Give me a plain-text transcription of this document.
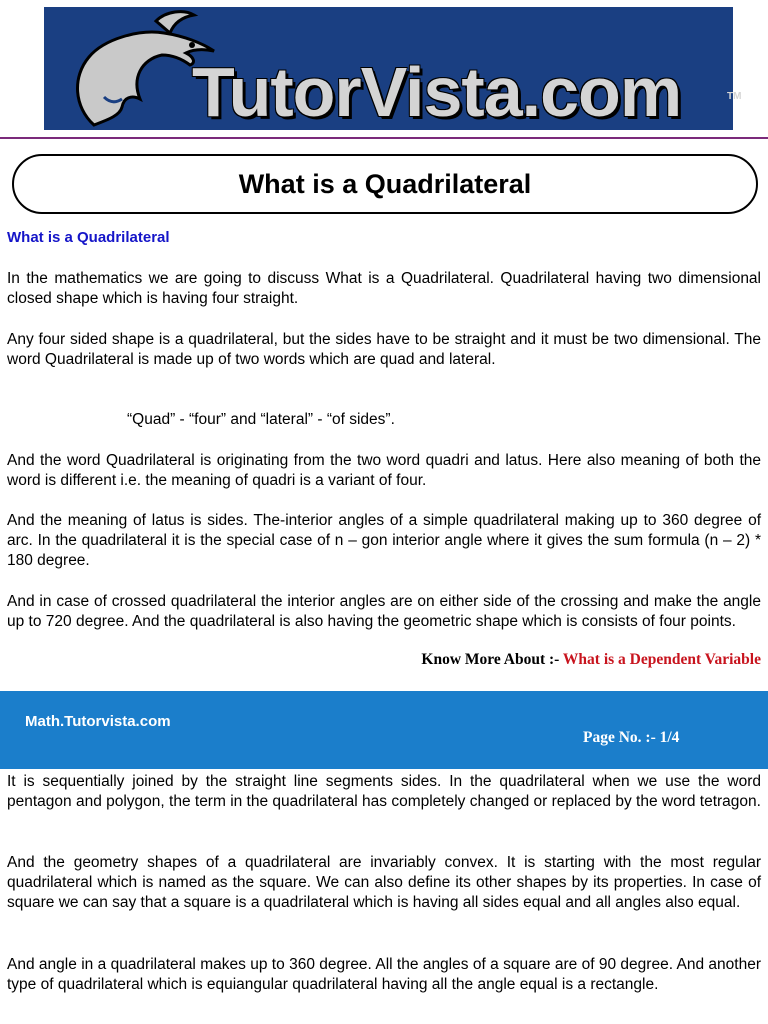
TutorVista.com	TM
What is a Quadrilateral
What is a Quadrilateral

In the mathematics we are going to discuss What is a Quadrilateral. Quadrilateral having two dimensional closed shape which is having four straight.

Any four sided shape is a quadrilateral, but the sides have to be straight and it must be two dimensional. The word Quadrilateral is made up of two words which are quad and lateral.

“Quad” - “four” and “lateral” - “of sides”.

And the word Quadrilateral is originating from the two word quadri and latus. Here also meaning of both the word is different i.e. the meaning of quadri is a variant of four.

And the meaning of latus is sides. The-interior angles of a simple quadrilateral making up to 360 degree of arc. In the quadrilateral it is the special case of n – gon interior angle where it gives the sum formula (n – 2) * 180 degree.

And in case of crossed quadrilateral the interior angles are on either side of the crossing and make the angle up to 720 degree. And the quadrilateral is also having the geometric shape which is consists of four points.

Know More About :- What is a Dependent Variable
Math.Tutorvista.com
Page No. :- 1/4

It is sequentially joined by the straight line segments sides. In the quadrilateral when we use the word pentagon and polygon, the term in the quadrilateral has completely changed or replaced by the word tetragon.

And the geometry shapes of a quadrilateral are invariably convex. It is starting with the most regular quadrilateral which is named as the square. We can also define its other shapes by its properties. In case of square we can say that a square is a quadrilateral which is having all sides equal and all angles also equal.

And angle in a quadrilateral makes up to 360 degree. All the angles of a square are of 90 degree. And another type of quadrilateral which is equiangular quadrilateral having all the angle equal is a rectangle.
